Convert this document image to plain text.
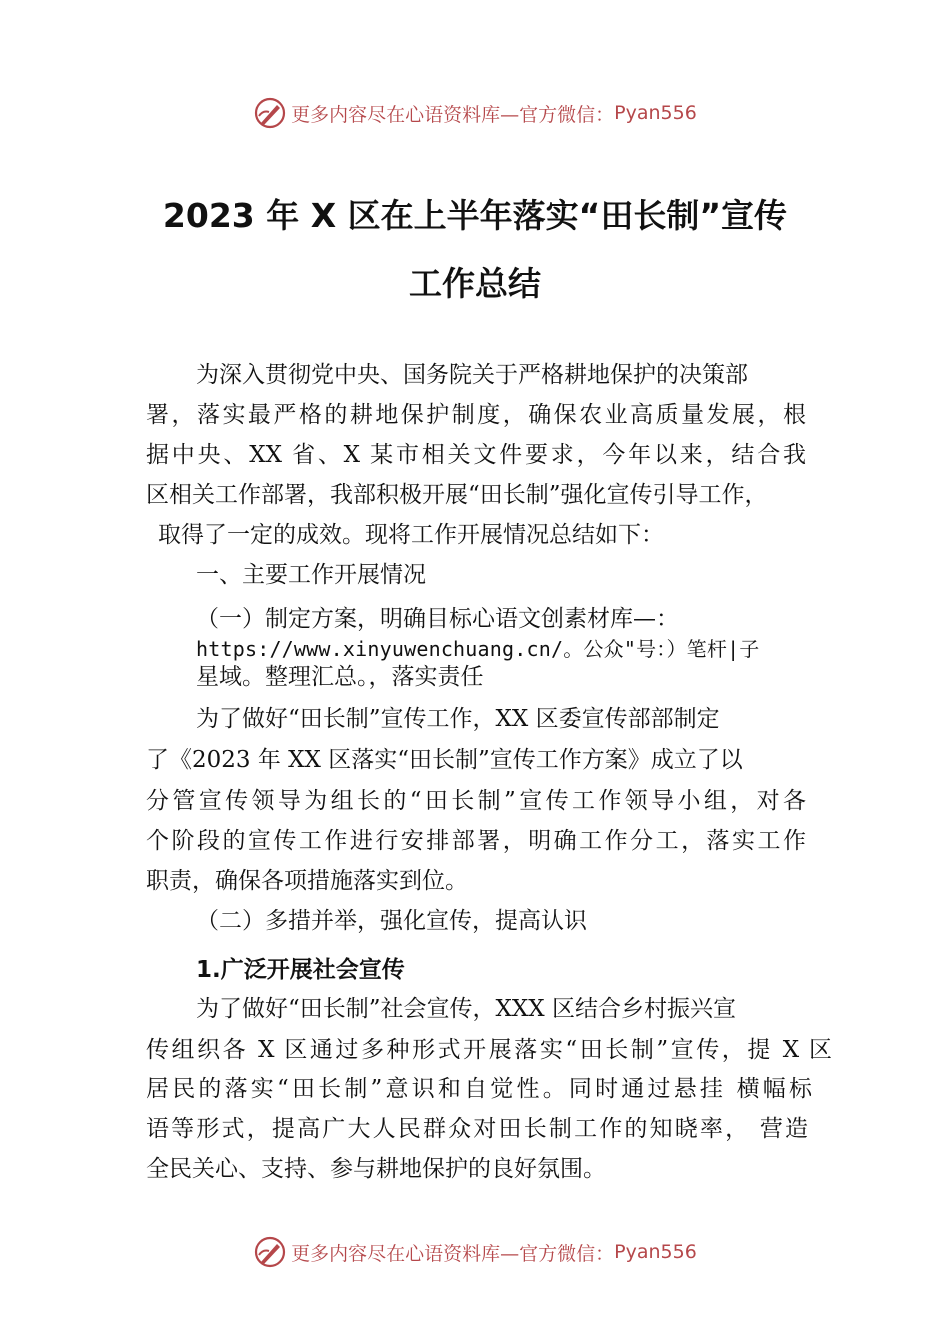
更多内容尽在心语资料库—官方微信： Pyan556
2023 年 X 区在上半年落实“田长制”宣传
工作总结
为深入贯彻党中央、国务院关于严格耕地保护的决策部
署，落实最严格的耕地保护制度，确保农业高质量发展，根
据中央、XX 省、X 某市相关文件要求，今年以来，结合我
区相关工作部署，我部积极开展“田长制”强化宣传引导工作，
取得了一定的成效。现将工作开展情况总结如下：
一、主要工作开展情况
（一）制定方案，明确目标心语文创素材库—：
https://www.xinyuwenchuang.cn/。公众"号：）笔杆|子
星域。整理汇总。，落实责任
为了做好“田长制”宣传工作，XX 区委宣传部部制定
了《2023 年 XX 区落实“田长制”宣传工作方案》成立了以
分管宣传领导为组长的“田长制”宣传工作领导小组，对各
个阶段的宣传工作进行安排部署，明确工作分工，落实工作
职责，确保各项措施落实到位。
（二）多措并举，强化宣传，提高认识
1.广泛开展社会宣传
为了做好“田长制”社会宣传，XXX 区结合乡村振兴宣
传组织各 X 区通过多种形式开展落实“田长制”宣传，提 X 区
居民的落实“田长制”意识和自觉性。同时通过悬挂 横幅标
语等形式，提高广大人民群众对田长制工作的知晓率， 营造
全民关心、支持、参与耕地保护的良好氛围。
更多内容尽在心语资料库—官方微信： Pyan556
